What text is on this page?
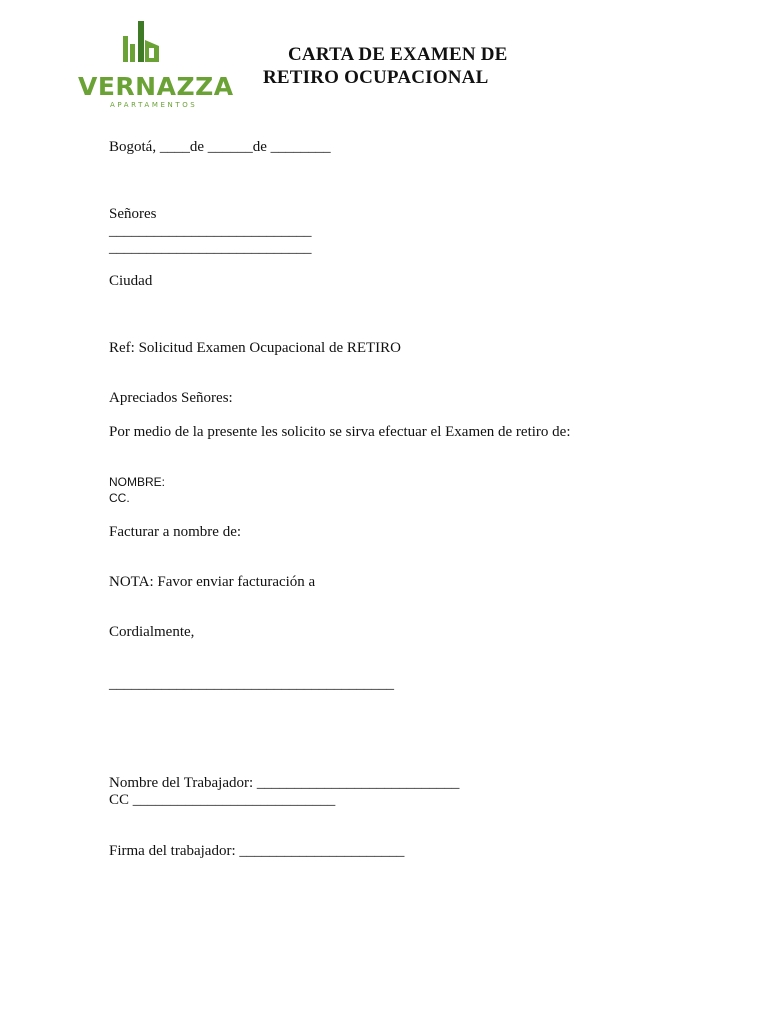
VERNAZZA
APARTAMENTOS
CARTA DE EXAMEN DE
RETIRO OCUPACIONAL
Bogotá, ____de ______de ________
Señores
___________________________
___________________________
Ciudad
Ref: Solicitud Examen Ocupacional de RETIRO
Apreciados Señores:
Por medio de la presente les solicito se sirva efectuar el Examen de retiro de:
NOMBRE:
CC.
Facturar a nombre de:
NOTA: Favor enviar facturación a
Cordialmente,
______________________________________
Nombre del Trabajador: ___________________________
CC ___________________________
Firma del trabajador: ______________________
